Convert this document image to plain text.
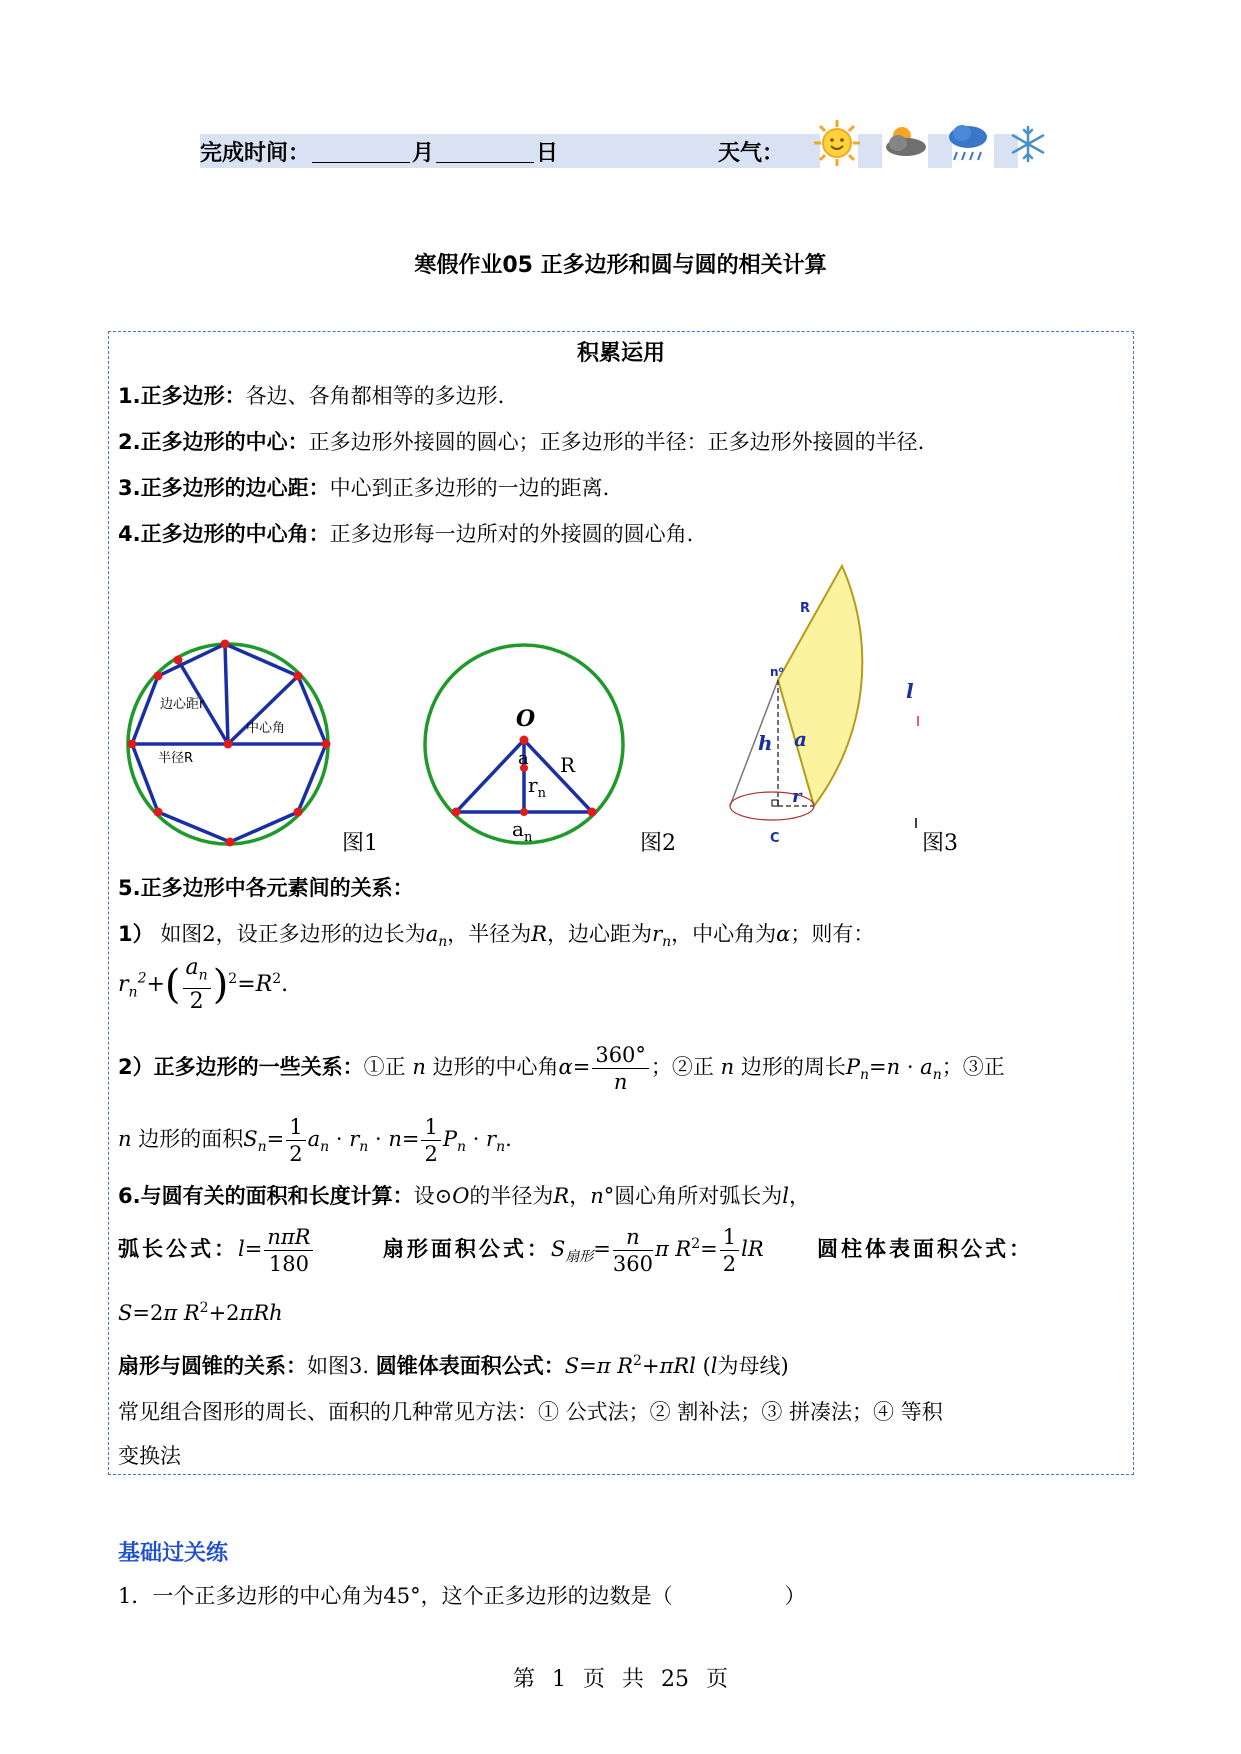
完成时间：	月	日	天气：
寒假作业05 正多边形和圆与圆的相关计算
积累运用
1.正多边形：各边、各角都相等的多边形.
2.正多边形的中心：正多边形外接圆的圆心；正多边形的半径：正多边形外接圆的半径.
3.正多边形的边心距：中心到正多边形的一边的距离.
4.正多边形的中心角：正多边形每一边所对的外接圆的圆心角.
边心距r
中心角
半径R
图1
O
a R
$r_n$
$a_n$	图2
R
n⁰
l
h a
r
C	图3
5.正多边形中各元素间的关系：
1） 如图2，设正多边形的边长为$a_n$，半径为R，边心距为$r_n$，中心角为α；则有：
$r_n^2+( \frac{a_n}{2} )^2=R^2$.
2）正多边形的一些关系：①正 n 边形的中心角$\alpha= \frac{360^\circ}{n}$ ；②正 n 边形的周长$P_n=n \cdot a_n$；③正
n 边形的面积$S_n= \frac{1}{2} a_n \cdot r_n \cdot n= \frac{1}{2} P_n \cdot r_n$.
6.与圆有关的面积和长度计算：设⊙O的半径为R，n°圆心角所对弧长为l，
弧长公式：$l= \frac{\text{nπR}}{180}$	扇形面积公式：$S_{扇形}= \frac{n}{360}$ π $R^2= \frac{1}{2}$ lR	圆柱体表面积公式：
S=2π $R^2+2\pi Rh$
扇形与圆锥的关系：如图3. 圆锥体表面积公式：S=π $R^2+\pi Rl$ (l为母线)
常见组合图形的周长、面积的几种常见方法：① 公式法；② 割补法；③ 拼凑法；④ 等积
变换法
基础过关练
1．一个正多边形的中心角为45°，这个正多边形的边数是（	）
第 1 页 共 25 页
